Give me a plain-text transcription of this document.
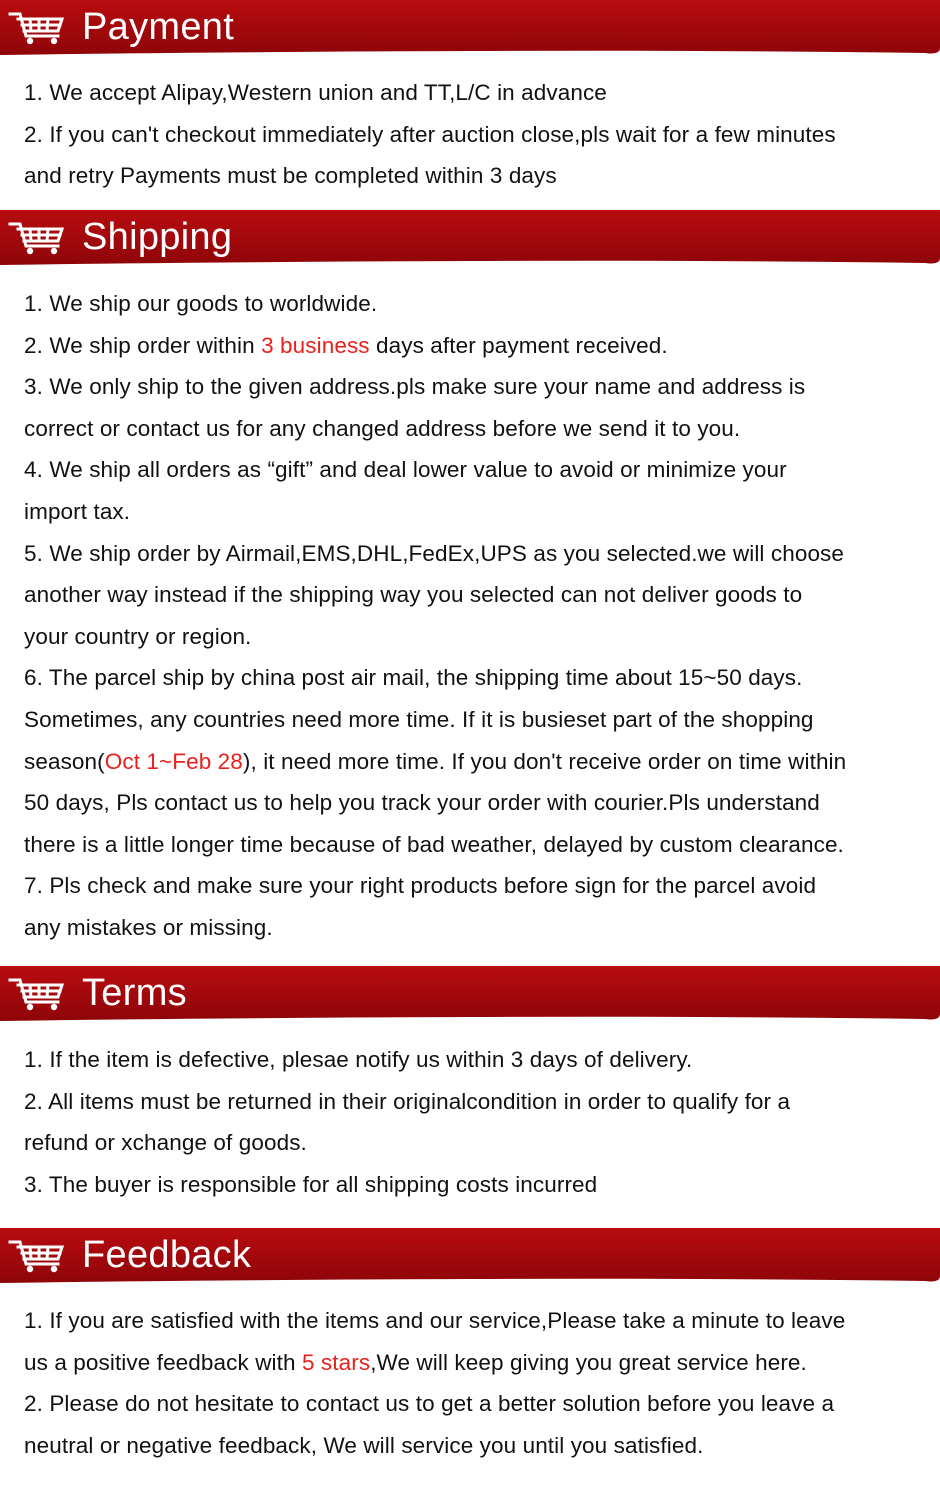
Payment
1. We accept Alipay,Western union and TT,L/C in advance
2. If you can't checkout immediately after auction close,pls wait for a few minutes
and retry Payments must be completed within 3 days
Shipping
1. We ship our goods to worldwide.
2. We ship order within 3 business days after payment received.
3. We only ship to the given address.pls make sure your name and address is
correct or contact us for any changed address before we send it to you.
4. We ship all orders as “gift” and deal lower value to avoid or minimize your
import tax.
5. We ship order by Airmail,EMS,DHL,FedEx,UPS as you selected.we will choose
another way instead if the shipping way you selected can not deliver goods to
your country or region.
6. The parcel ship by china post air mail, the shipping time about 15~50 days.
Sometimes, any countries need more time. If it is busieset part of the shopping
season(Oct 1~Feb 28), it need more time. If you don't receive order on time within
50 days, Pls contact us to help you track your order with courier.Pls understand
there is a little longer time because of bad weather, delayed by custom clearance.
7. Pls check and make sure your right products before sign for the parcel avoid
any mistakes or missing.
Terms
1. If the item is defective, plesae notify us within 3 days of delivery.
2. All items must be returned in their originalcondition in order to qualify for a
refund or xchange of goods.
3. The buyer is responsible for all shipping costs incurred
Feedback
1. If you are satisfied with the items and our service,Please take a minute to leave
us a positive feedback with 5 stars,We will keep giving you great service here.
2. Please do not hesitate to contact us to get a better solution before you leave a
neutral or negative feedback, We will service you until you satisfied.
